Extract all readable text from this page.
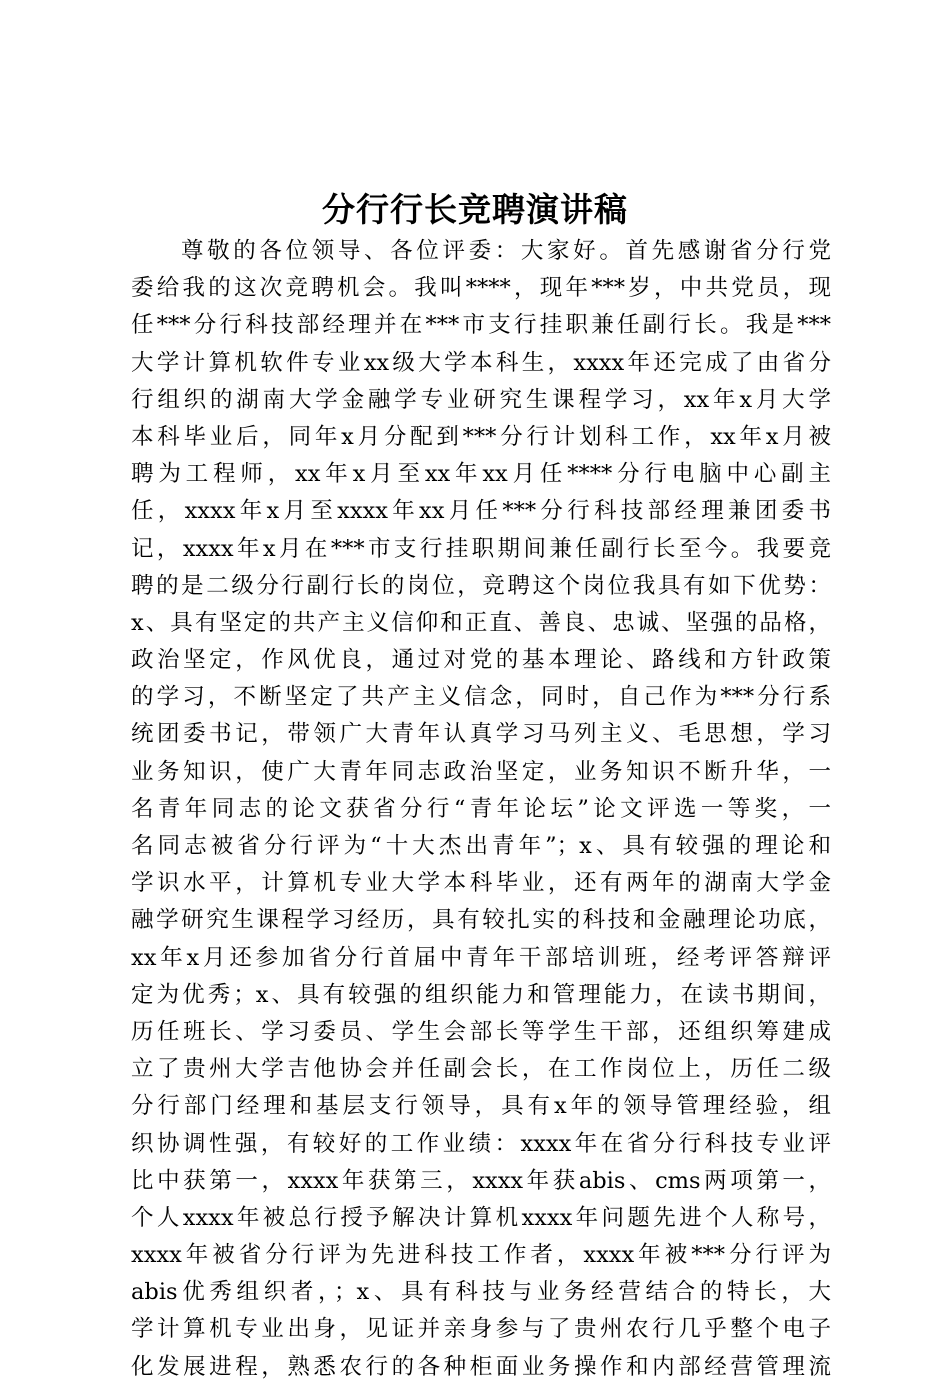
分行行长竞聘演讲稿
尊敬的各位领导、各位评委：大家好。首先感谢省分行党
委给我的这次竞聘机会。我叫****，现年***岁，中共党员，现
任***分行科技部经理并在***市支行挂职兼任副行长。我是***
大学计算机软件专业xx级大学本科生，xxxx年还完成了由省分
行组织的湖南大学金融学专业研究生课程学习，xx年x月大学
本科毕业后，同年x月分配到***分行计划科工作，xx年x月被
聘为工程师，xx年x月至xx年xx月任****分行电脑中心副主
任，xxxx年x月至xxxx年xx月任***分行科技部经理兼团委书
记，xxxx年x月在***市支行挂职期间兼任副行长至今。我要竞
聘的是二级分行副行长的岗位，竞聘这个岗位我具有如下优势：
x、具有坚定的共产主义信仰和正直、善良、忠诚、坚强的品格，
政治坚定，作风优良，通过对党的基本理论、路线和方针政策
的学习，不断坚定了共产主义信念，同时，自己作为***分行系
统团委书记，带领广大青年认真学习马列主义、毛思想，学习
业务知识，使广大青年同志政治坚定，业务知识不断升华，一
名青年同志的论文获省分行“青年论坛”论文评选一等奖，一
名同志被省分行评为“十大杰出青年”；x、具有较强的理论和
学识水平，计算机专业大学本科毕业，还有两年的湖南大学金
融学研究生课程学习经历，具有较扎实的科技和金融理论功底，
xx年x月还参加省分行首届中青年干部培训班，经考评答辩评
定为优秀；x、具有较强的组织能力和管理能力，在读书期间，
历任班长、学习委员、学生会部长等学生干部，还组织筹建成
立了贵州大学吉他协会并任副会长，在工作岗位上，历任二级
分行部门经理和基层支行领导，具有x年的领导管理经验，组
织协调性强，有较好的工作业绩：xxxx年在省分行科技专业评
比中获第一，xxxx年获第三，xxxx年获abis、cms两项第一，
个人xxxx年被总行授予解决计算机xxxx年问题先进个人称号，
xxxx年被省分行评为先进科技工作者，xxxx年被***分行评为
abis优秀组织者，；x、具有科技与业务经营结合的特长，大
学计算机专业出身，见证并亲身参与了贵州农行几乎整个电子
化发展进程，熟悉农行的各种柜面业务操作和内部经营管理流
